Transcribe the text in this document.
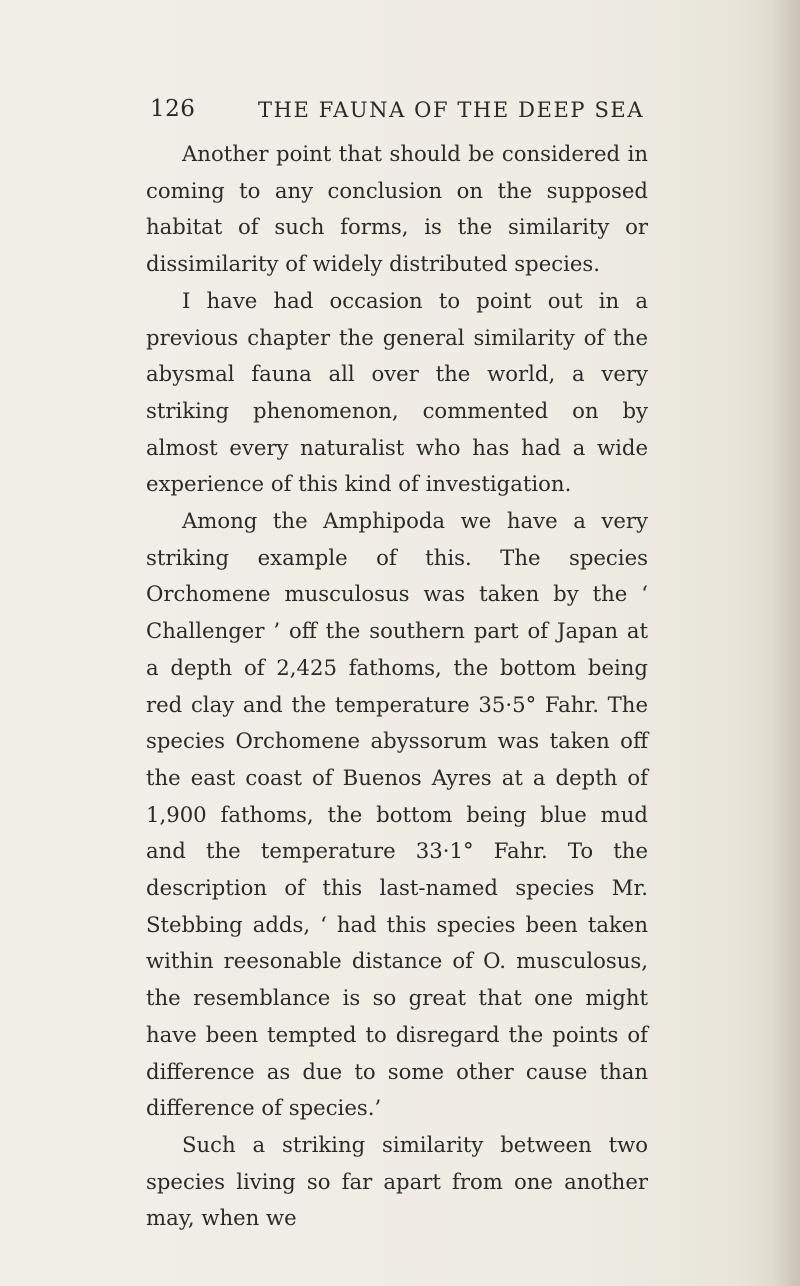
126	THE FAUNA OF THE DEEP SEA

Another point that should be considered in coming to any conclusion on the supposed habitat of such forms, is the similarity or dissimilarity of widely distributed species.

I have had occasion to point out in a previous chapter the general similarity of the abysmal fauna all over the world, a very striking phenomenon, commented on by almost every naturalist who has had a wide experience of this kind of investigation.

Among the Amphipoda we have a very striking example of this. The species Orchomene musculosus was taken by the ‘ Challenger ’ off the southern part of Japan at a depth of 2,425 fathoms, the bottom being red clay and the temperature 35·5° Fahr. The species Orchomene abyssorum was taken off the east coast of Buenos Ayres at a depth of 1,900 fathoms, the bottom being blue mud and the temperature 33·1° Fahr. To the description of this last-named species Mr. Stebbing adds, ‘ had this species been taken within reesonable distance of O. musculosus, the resemblance is so great that one might have been tempted to disregard the points of difference as due to some other cause than difference of species.’

Such a striking similarity between two species living so far apart from one another may, when we
